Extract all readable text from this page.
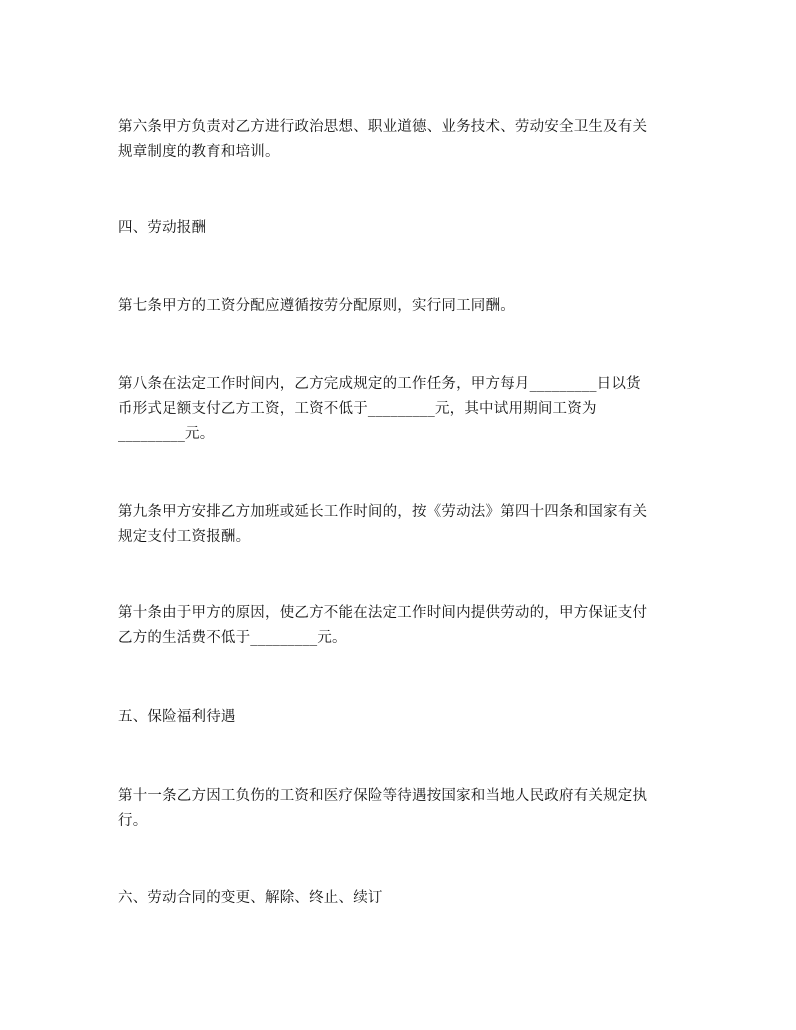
第六条甲方负责对乙方进行政治思想、职业道德、业务技术、劳动安全卫生及有关
规章制度的教育和培训。

四、劳动报酬

第七条甲方的工资分配应遵循按劳分配原则，实行同工同酬。

第八条在法定工作时间内，乙方完成规定的工作任务，甲方每月_________日以货
币形式足额支付乙方工资，工资不低于_________元，其中试用期间工资为
_________元。

第九条甲方安排乙方加班或延长工作时间的，按《劳动法》第四十四条和国家有关
规定支付工资报酬。

第十条由于甲方的原因，使乙方不能在法定工作时间内提供劳动的，甲方保证支付
乙方的生活费不低于_________元。

五、保险福利待遇

第十一条乙方因工负伤的工资和医疗保险等待遇按国家和当地人民政府有关规定执
行。

六、劳动合同的变更、解除、终止、续订
